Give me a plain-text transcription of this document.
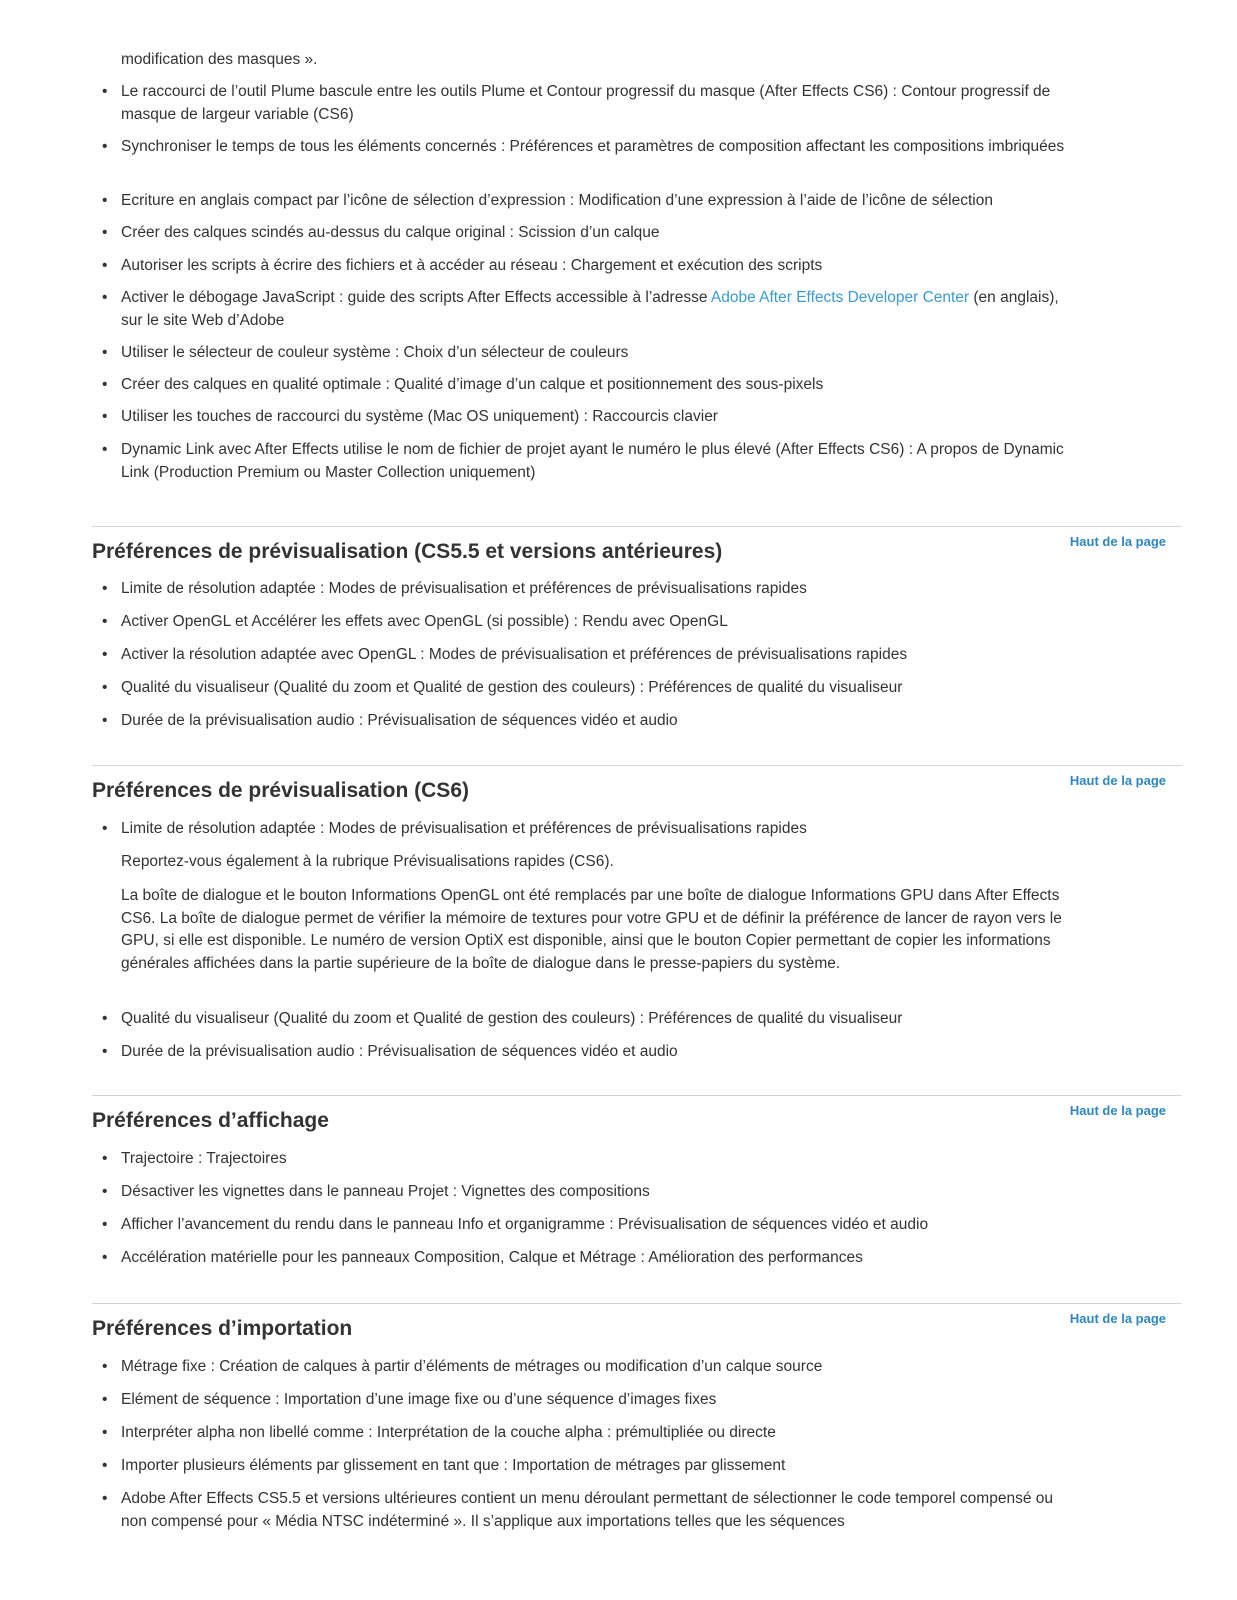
modification des masques ».
• Le raccourci de l’outil Plume bascule entre les outils Plume et Contour progressif du masque (After Effects CS6) : Contour progressif de masque de largeur variable (CS6)
• Synchroniser le temps de tous les éléments concernés : Préférences et paramètres de composition affectant les compositions imbriquées
• Ecriture en anglais compact par l’icône de sélection d’expression : Modification d’une expression à l’aide de l’icône de sélection
• Créer des calques scindés au-dessus du calque original : Scission d’un calque
• Autoriser les scripts à écrire des fichiers et à accéder au réseau : Chargement et exécution des scripts
• Activer le débogage JavaScript : guide des scripts After Effects accessible à l’adresse Adobe After Effects Developer Center (en anglais), sur le site Web d’Adobe
• Utiliser le sélecteur de couleur système : Choix d’un sélecteur de couleurs
• Créer des calques en qualité optimale : Qualité d’image d’un calque et positionnement des sous-pixels
• Utiliser les touches de raccourci du système (Mac OS uniquement) : Raccourcis clavier
• Dynamic Link avec After Effects utilise le nom de fichier de projet ayant le numéro le plus élevé (After Effects CS6) : A propos de Dynamic Link (Production Premium ou Master Collection uniquement)
Haut de la page
Préférences de prévisualisation (CS5.5 et versions antérieures)
• Limite de résolution adaptée : Modes de prévisualisation et préférences de prévisualisations rapides
• Activer OpenGL et Accélérer les effets avec OpenGL (si possible) : Rendu avec OpenGL
• Activer la résolution adaptée avec OpenGL : Modes de prévisualisation et préférences de prévisualisations rapides
• Qualité du visualiseur (Qualité du zoom et Qualité de gestion des couleurs) : Préférences de qualité du visualiseur
• Durée de la prévisualisation audio : Prévisualisation de séquences vidéo et audio
Haut de la page
Préférences de prévisualisation (CS6)
• Limite de résolution adaptée : Modes de prévisualisation et préférences de prévisualisations rapides
Reportez-vous également à la rubrique Prévisualisations rapides (CS6).
La boîte de dialogue et le bouton Informations OpenGL ont été remplacés par une boîte de dialogue Informations GPU dans After Effects CS6. La boîte de dialogue permet de vérifier la mémoire de textures pour votre GPU et de définir la préférence de lancer de rayon vers le GPU, si elle est disponible. Le numéro de version OptiX est disponible, ainsi que le bouton Copier permettant de copier les informations générales affichées dans la partie supérieure de la boîte de dialogue dans le presse-papiers du système.
• Qualité du visualiseur (Qualité du zoom et Qualité de gestion des couleurs) : Préférences de qualité du visualiseur
• Durée de la prévisualisation audio : Prévisualisation de séquences vidéo et audio
Haut de la page
Préférences d’affichage
• Trajectoire : Trajectoires
• Désactiver les vignettes dans le panneau Projet : Vignettes des compositions
• Afficher l’avancement du rendu dans le panneau Info et organigramme : Prévisualisation de séquences vidéo et audio
• Accélération matérielle pour les panneaux Composition, Calque et Métrage : Amélioration des performances
Haut de la page
Préférences d’importation
• Métrage fixe : Création de calques à partir d’éléments de métrages ou modification d’un calque source
• Elément de séquence : Importation d’une image fixe ou d’une séquence d’images fixes
• Interpréter alpha non libellé comme : Interprétation de la couche alpha : prémultipliée ou directe
• Importer plusieurs éléments par glissement en tant que : Importation de métrages par glissement
• Adobe After Effects CS5.5 et versions ultérieures contient un menu déroulant permettant de sélectionner le code temporel compensé ou non compensé pour « Média NTSC indéterminé ». Il s’applique aux importations telles que les séquences
